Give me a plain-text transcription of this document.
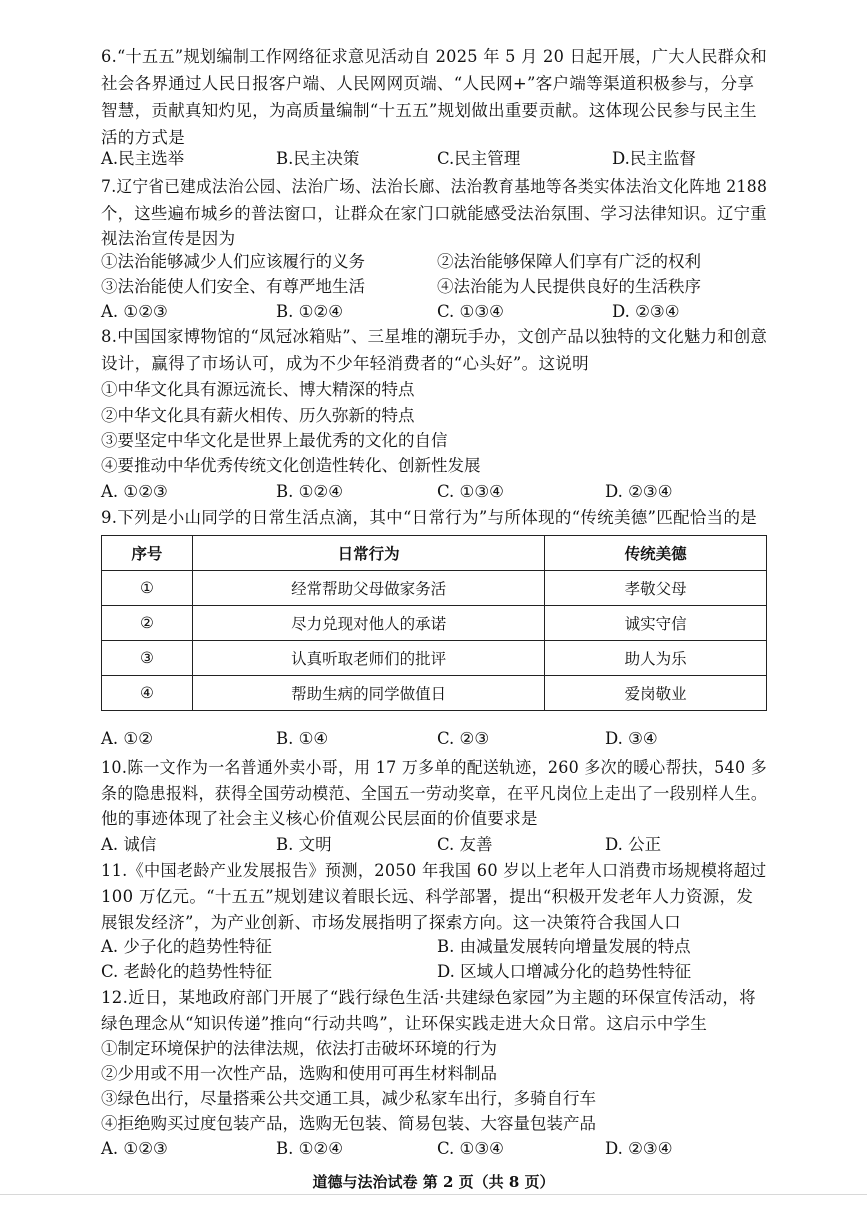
6.“十五五”规划编制工作网络征求意见活动自 2025 年 5 月 20 日起开展，广大人民群众和
社会各界通过人民日报客户端、人民网网页端、“人民网+”客户端等渠道积极参与，分享
智慧，贡献真知灼见，为高质量编制“十五五”规划做出重要贡献。这体现公民参与民主生
活的方式是
A.民主选举	B.民主决策	C.民主管理	D.民主监督
7.辽宁省已建成法治公园、法治广场、法治长廊、法治教育基地等各类实体法治文化阵地 2188
个，这些遍布城乡的普法窗口，让群众在家门口就能感受法治氛围、学习法律知识。辽宁重
视法治宣传是因为
①法治能够减少人们应该履行的义务	②法治能够保障人们享有广泛的权利
③法治能使人们安全、有尊严地生活	④法治能为人民提供良好的生活秩序
A. ①②③	B. ①②④	C. ①③④	D. ②③④
8.中国国家博物馆的“凤冠冰箱贴”、三星堆的潮玩手办，文创产品以独特的文化魅力和创意
设计，赢得了市场认可，成为不少年轻消费者的“心头好”。这说明
①中华文化具有源远流长、博大精深的特点
②中华文化具有薪火相传、历久弥新的特点
③要坚定中华文化是世界上最优秀的文化的自信
④要推动中华优秀传统文化创造性转化、创新性发展
A. ①②③	B. ①②④	C. ①③④	D. ②③④
9.下列是小山同学的日常生活点滴，其中“日常行为”与所体现的“传统美德”匹配恰当的是
序号	日常行为	传统美德
①	经常帮助父母做家务活	孝敬父母
②	尽力兑现对他人的承诺	诚实守信
③	认真听取老师们的批评	助人为乐
④	帮助生病的同学做值日	爱岗敬业
A. ①②	B. ①④	C. ②③	D. ③④
10.陈一文作为一名普通外卖小哥，用 17 万多单的配送轨迹，260 多次的暖心帮扶，540 多
条的隐患报料，获得全国劳动模范、全国五一劳动奖章，在平凡岗位上走出了一段别样人生。
他的事迹体现了社会主义核心价值观公民层面的价值要求是
A. 诚信	B. 文明	C. 友善	D. 公正
11.《中国老龄产业发展报告》预测，2050 年我国 60 岁以上老年人口消费市场规模将超过
100 万亿元。“十五五”规划建议着眼长远、科学部署，提出“积极开发老年人力资源，发
展银发经济”，为产业创新、市场发展指明了探索方向。这一决策符合我国人口
A. 少子化的趋势性特征	B. 由减量发展转向增量发展的特点
C. 老龄化的趋势性特征	D. 区域人口增减分化的趋势性特征
12.近日，某地政府部门开展了“践行绿色生活·共建绿色家园”为主题的环保宣传活动，将
绿色理念从“知识传递”推向“行动共鸣”，让环保实践走进大众日常。这启示中学生
①制定环境保护的法律法规，依法打击破坏环境的行为
②少用或不用一次性产品，选购和使用可再生材料制品
③绿色出行，尽量搭乘公共交通工具，减少私家车出行，多骑自行车
④拒绝购买过度包装产品，选购无包装、简易包装、大容量包装产品
A. ①②③	B. ①②④	C. ①③④	D. ②③④
道德与法治试卷 第 2 页（共 8 页）
